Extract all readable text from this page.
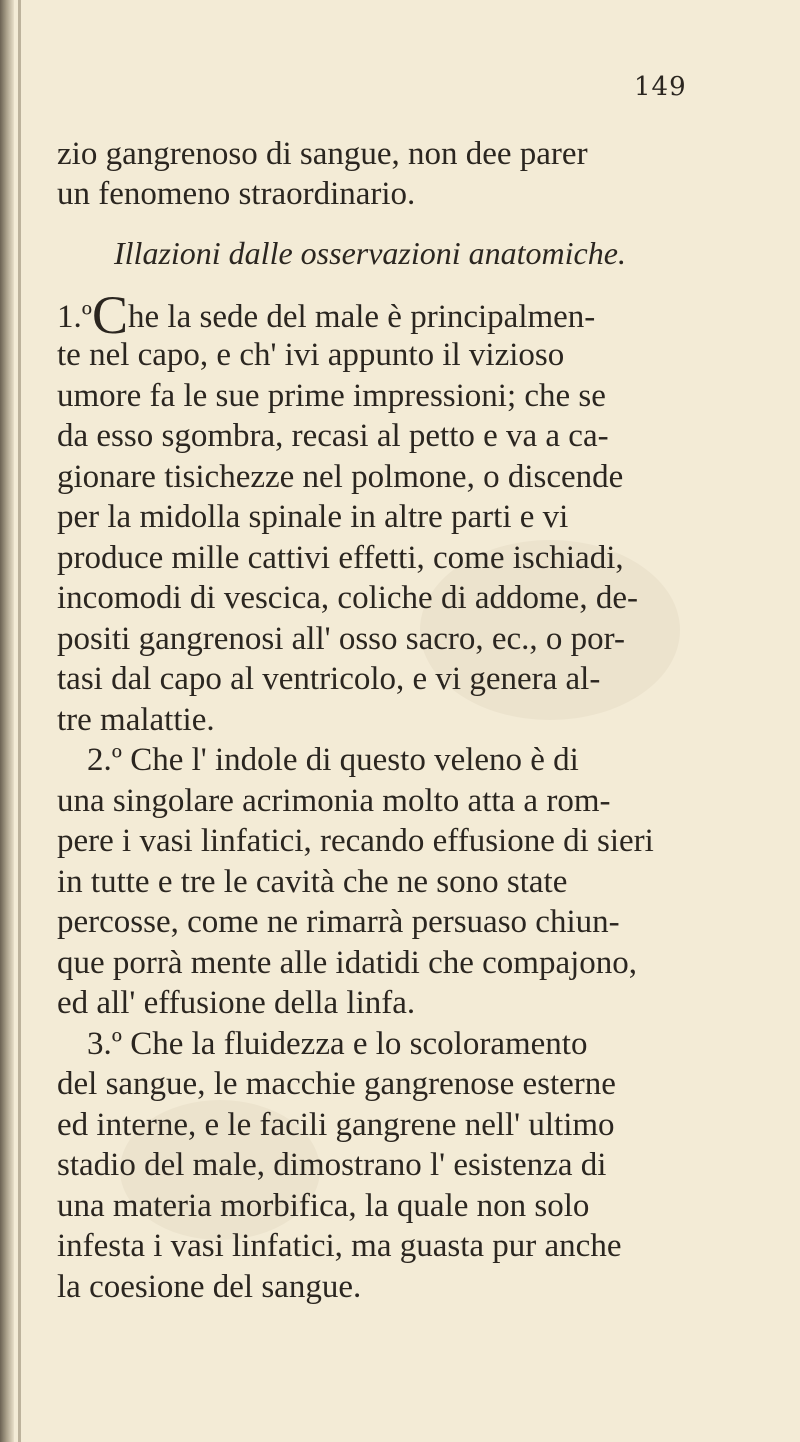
149
zio gangrenoso di sangue, non dee parer
un fenomeno straordinario.
Illazioni dalle osservazioni anatomiche.
1.ºChe la sede del male è principalmen-
te nel capo, e ch' ivi appunto il vizioso
umore fa le sue prime impressioni; che se
da esso sgombra, recasi al petto e va a ca-
gionare tisichezze nel polmone, o discende
per la midolla spinale in altre parti e vi
produce mille cattivi effetti, come ischiadi,
incomodi di vescica, coliche di addome, de-
positi gangrenosi all' osso sacro, ec., o por-
tasi dal capo al ventricolo, e vi genera al-
tre malattie.
2.º Che l' indole di questo veleno è di
una singolare acrimonia molto atta a rom-
pere i vasi linfatici, recando effusione di sieri
in tutte e tre le cavità che ne sono state
percosse, come ne rimarrà persuaso chiun-
que porrà mente alle idatidi che compajono,
ed all' effusione della linfa.
3.º Che la fluidezza e lo scoloramento
del sangue, le macchie gangrenose esterne
ed interne, e le facili gangrene nell' ultimo
stadio del male, dimostrano l' esistenza di
una materia morbifica, la quale non solo
infesta i vasi linfatici, ma guasta pur anche
la coesione del sangue.
